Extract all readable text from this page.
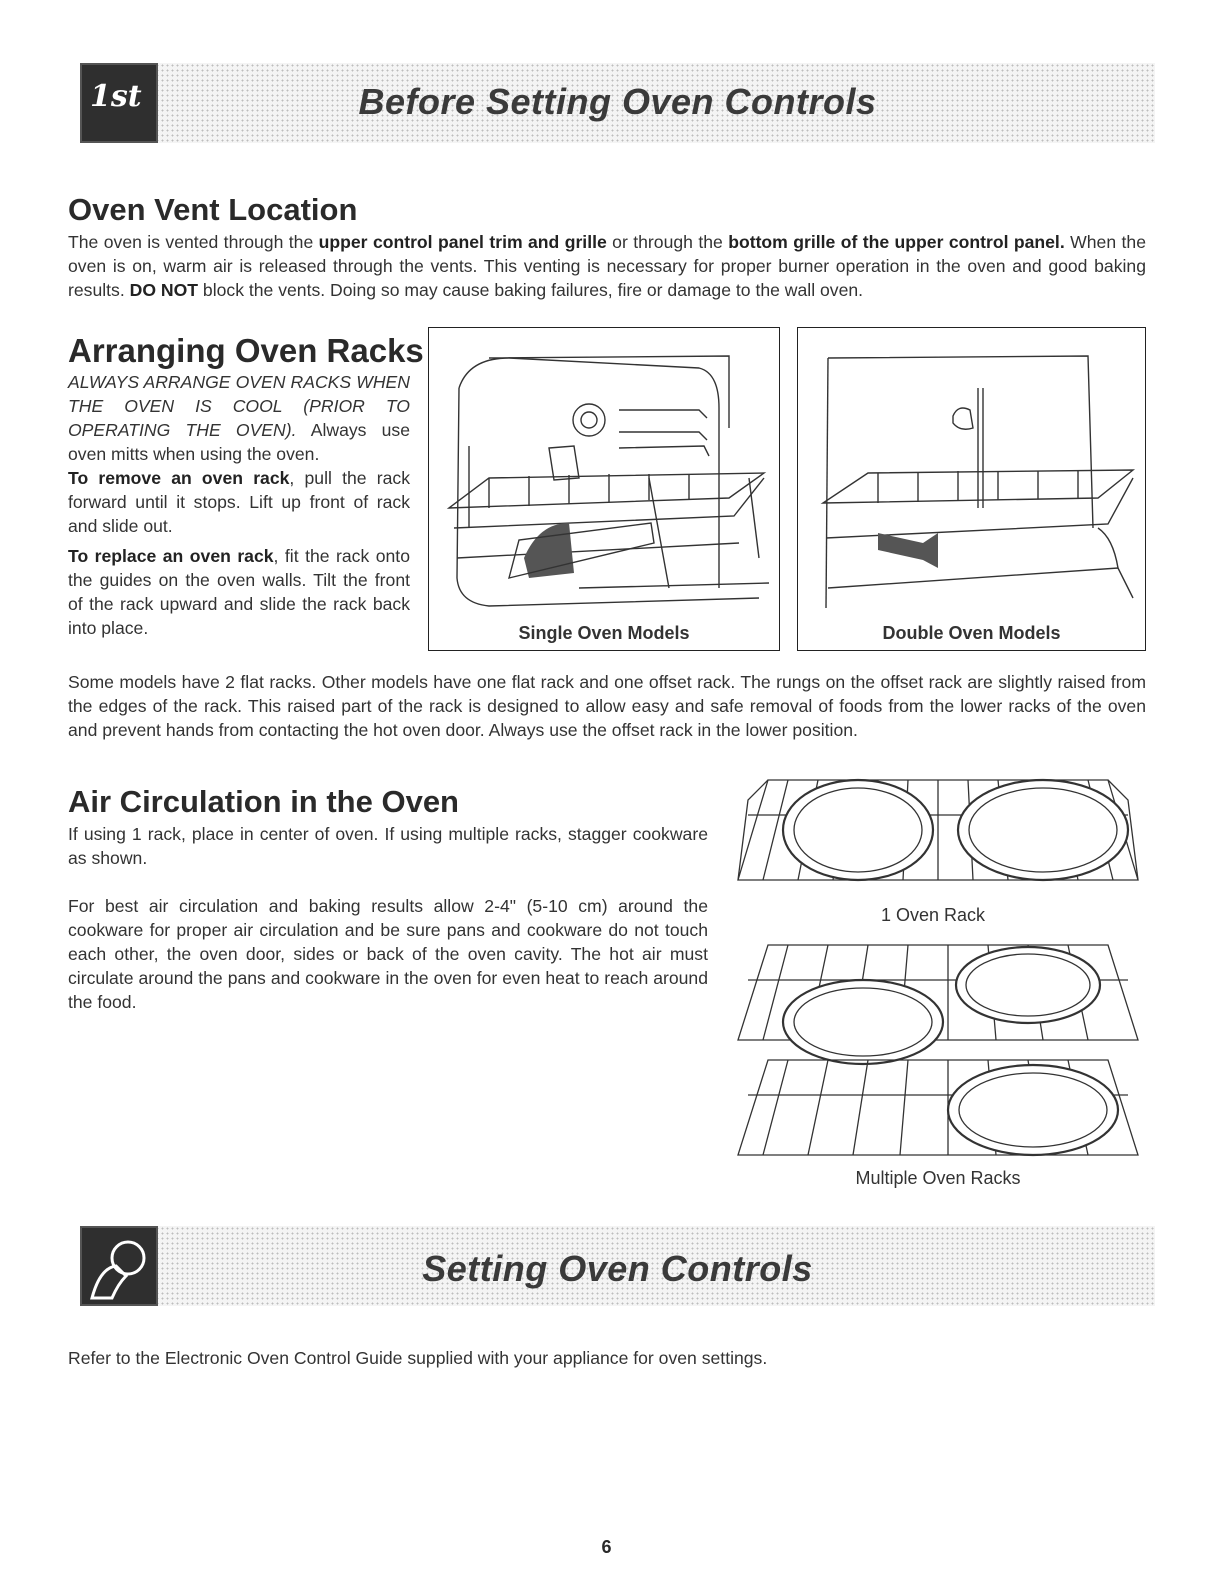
1st	Before Setting Oven Controls
Oven Vent Location

The oven is vented through the upper control panel trim and grille or through the bottom grille of the upper control panel. When the oven is on, warm air is released through the vents. This venting is necessary for proper burner operation in the oven and good baking results. DO NOT block the vents. Doing so may cause baking failures, fire or damage to the wall oven.

Arranging Oven Racks

ALWAYS ARRANGE OVEN RACKS WHEN THE OVEN IS COOL (PRIOR TO OPERATING THE OVEN). Always use oven mitts when using the oven.

To remove an oven rack, pull the rack forward until it stops. Lift up front of rack and slide out.

To replace an oven rack, fit the rack onto the guides on the oven walls. Tilt the front of the rack upward and slide the rack back into place.	Single Oven Models	Double Oven Models

Some models have 2 flat racks. Other models have one flat rack and one offset rack. The rungs on the offset rack are slightly raised from the edges of the rack. This raised part of the rack is designed to allow easy and safe removal of foods from the lower racks of the oven and prevent hands from contacting the hot oven door. Always use the offset rack in the lower position.

Air Circulation in the Oven

If using 1 rack, place in center of oven. If using multiple racks, stagger cookware as shown.

For best air circulation and baking results allow 2-4" (5-10 cm) around the cookware for proper air circulation and be sure pans and cookware do not touch each other, the oven door, sides or back of the oven cavity. The hot air must circulate around the pans and cookware in the oven for even heat to reach around the food.

1 Oven Rack
Multiple Oven Racks
Setting Oven Controls

Refer to the Electronic Oven Control Guide supplied with your appliance for oven settings.

6
